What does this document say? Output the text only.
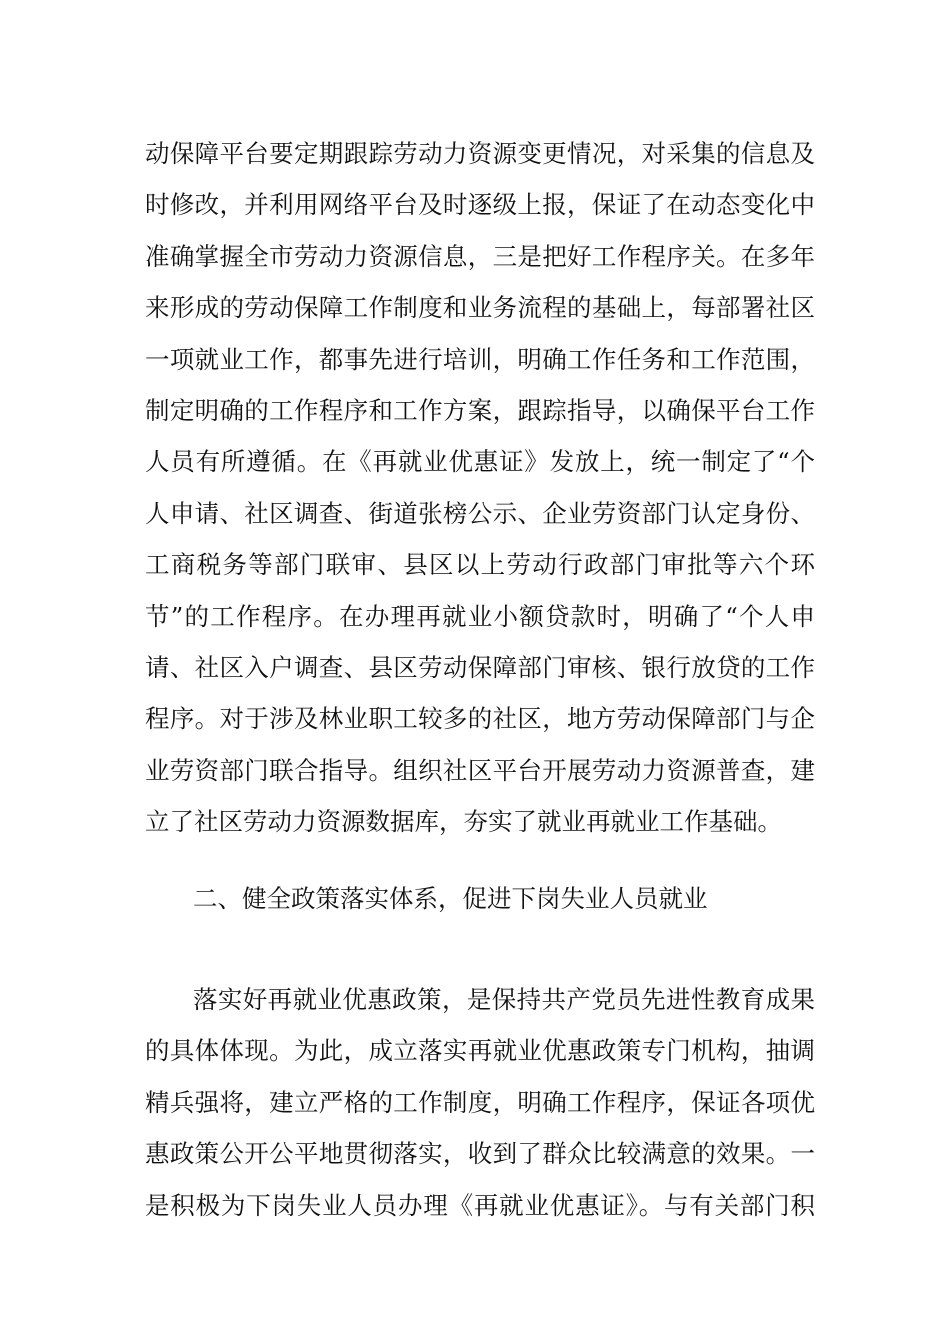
动保障平台要定期跟踪劳动力资源变更情况，对采集的信息及
时修改，并利用网络平台及时逐级上报，保证了在动态变化中
准确掌握全市劳动力资源信息，三是把好工作程序关。在多年
来形成的劳动保障工作制度和业务流程的基础上，每部署社区
一项就业工作，都事先进行培训，明确工作任务和工作范围，
制定明确的工作程序和工作方案，跟踪指导，以确保平台工作
人员有所遵循。在《再就业优惠证》发放上，统一制定了“个
人申请、社区调查、街道张榜公示、企业劳资部门认定身份、
工商税务等部门联审、县区以上劳动行政部门审批等六个环
节”的工作程序。在办理再就业小额贷款时，明确了“个人申
请、社区入户调查、县区劳动保障部门审核、银行放贷的工作
程序。对于涉及林业职工较多的社区，地方劳动保障部门与企
业劳资部门联合指导。组织社区平台开展劳动力资源普查，建
立了社区劳动力资源数据库，夯实了就业再就业工作基础。
二、健全政策落实体系，促进下岗失业人员就业
落实好再就业优惠政策，是保持共产党员先进性教育成果
的具体体现。为此，成立落实再就业优惠政策专门机构，抽调
精兵强将，建立严格的工作制度，明确工作程序，保证各项优
惠政策公开公平地贯彻落实，收到了群众比较满意的效果。一
是积极为下岗失业人员办理《再就业优惠证》。与有关部门积
